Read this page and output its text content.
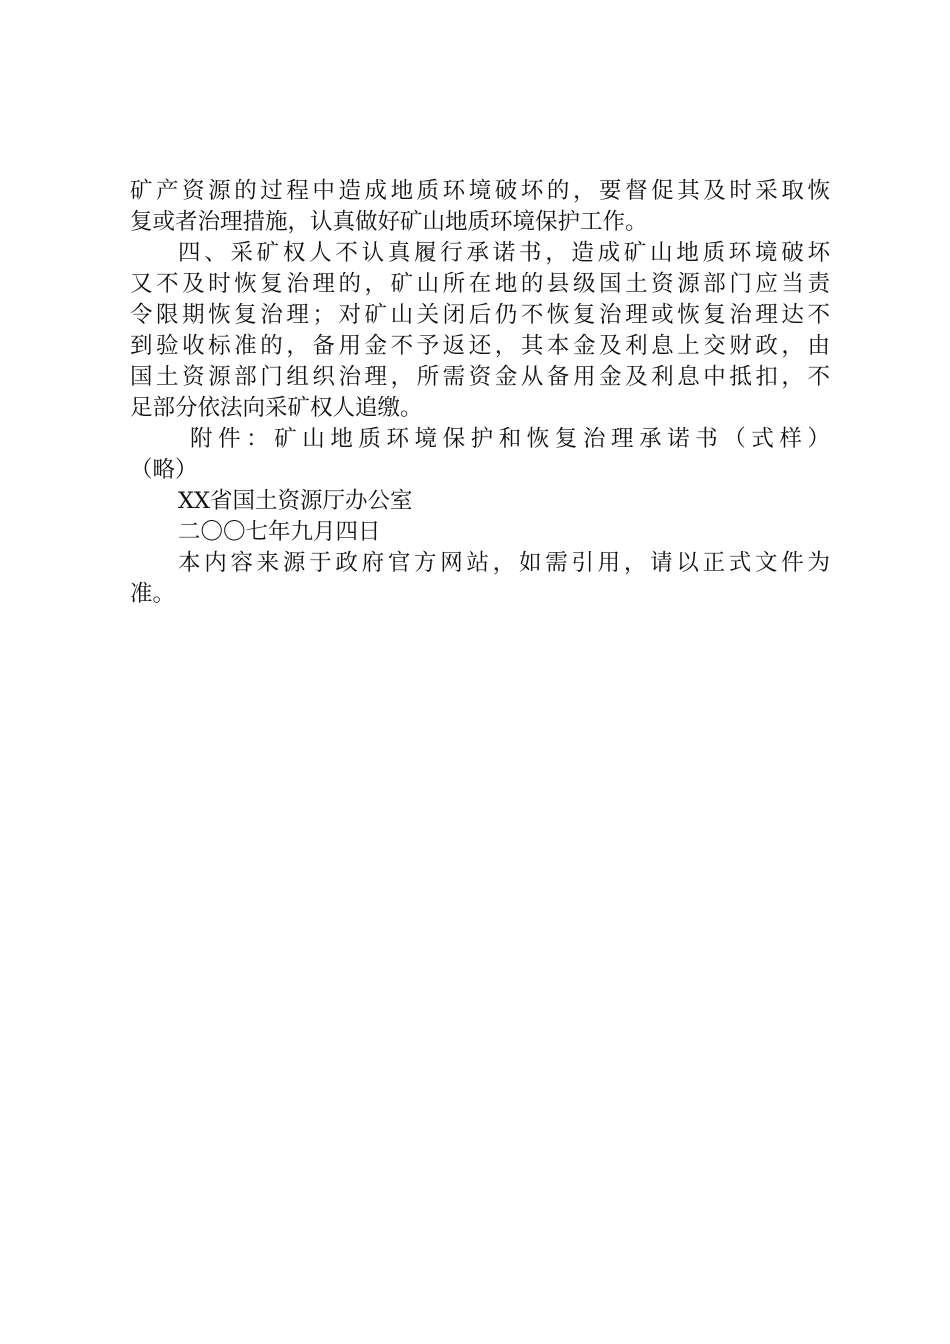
矿产资源的过程中造成地质环境破坏的，要督促其及时采取恢
复或者治理措施，认真做好矿山地质环境保护工作。
四、采矿权人不认真履行承诺书，造成矿山地质环境破坏
又不及时恢复治理的，矿山所在地的县级国土资源部门应当责
令限期恢复治理；对矿山关闭后仍不恢复治理或恢复治理达不
到验收标准的，备用金不予返还，其本金及利息上交财政，由
国土资源部门组织治理，所需资金从备用金及利息中抵扣，不
足部分依法向采矿权人追缴。
附件：矿山地质环境保护和恢复治理承诺书（式样）
（略）
XX省国土资源厅办公室
二〇〇七年九月四日
本内容来源于政府官方网站，如需引用，请以正式文件为
准。
